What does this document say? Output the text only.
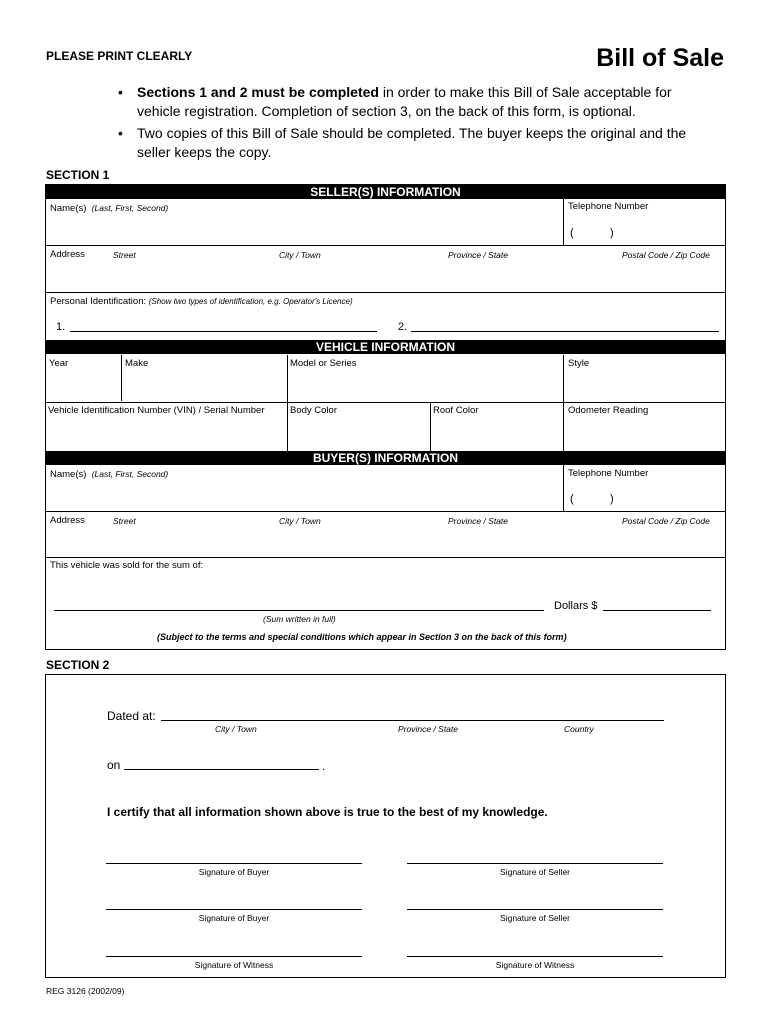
PLEASE PRINT CLEARLY	Bill of Sale
• Sections 1 and 2 must be completed in order to make this Bill of Sale acceptable for vehicle registration. Completion of section 3, on the back of this form, is optional.
• Two copies of this Bill of Sale should be completed. The buyer keeps the original and the seller keeps the copy.
SECTION 1
SELLER(S) INFORMATION
Name(s) (Last, First, Second)	Telephone Number
(	)
Address	Street	City / Town	Province / State	Postal Code / Zip Code
Personal Identification: (Show two types of identification, e.g. Operator's Licence)
1.	2.
VEHICLE INFORMATION
Year	Make	Model or Series	Style
Vehicle Identification Number (VIN) / Serial Number	Body Color	Roof Color	Odometer Reading
BUYER(S) INFORMATION
Name(s) (Last, First, Second)	Telephone Number
(	)
Address	Street	City / Town	Province / State	Postal Code / Zip Code
This vehicle was sold for the sum of:
Dollars $
(Sum written in full)
(Subject to the terms and special conditions which appear in Section 3 on the back of this form)
SECTION 2
Dated at:
City / Town	Province / State	Country
on	.
I certify that all information shown above is true to the best of my knowledge.
Signature of Buyer	Signature of Seller
Signature of Buyer	Signature of Seller
Signature of Witness	Signature of Witness
REG 3126 (2002/09)
